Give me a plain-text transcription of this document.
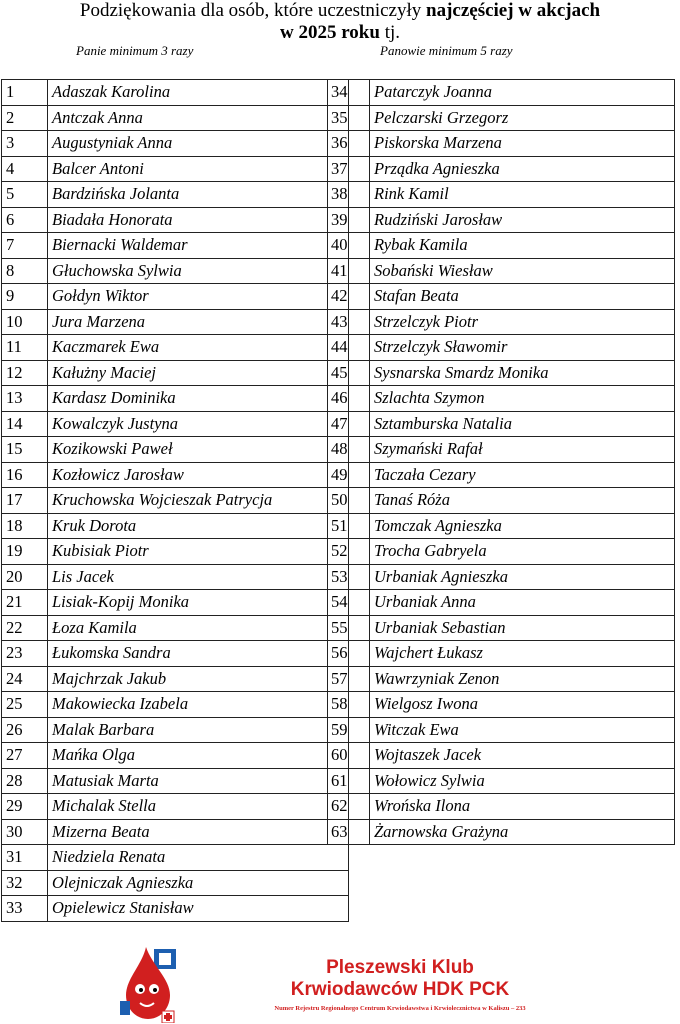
Podziękowania dla osób, które uczestniczyły najczęściej w akcjach
w 2025 roku tj.
Panie minimum 3 razy	Panowie minimum 5 razy
1	Adaszak Karolina
2	Antczak Anna
3	Augustyniak Anna
4	Balcer Antoni
5	Bardzińska Jolanta
6	Biadała Honorata
7	Biernacki Waldemar
8	Głuchowska Sylwia
9	Gołdyn Wiktor
10	Jura Marzena
11	Kaczmarek Ewa
12	Kałużny Maciej
13	Kardasz Dominika
14	Kowalczyk Justyna
15	Kozikowski Paweł
16	Kozłowicz Jarosław
17	Kruchowska Wojcieszak Patrycja
18	Kruk Dorota
19	Kubisiak Piotr
20	Lis Jacek
21	Lisiak-Kopij Monika
22	Łoza Kamila
23	Łukomska Sandra
24	Majchrzak Jakub
25	Makowiecka Izabela
26	Malak Barbara
27	Mańka Olga
28	Matusiak Marta
29	Michalak Stella
30	Mizerna Beata
31	Niedziela Renata
32	Olejniczak Agnieszka
33	Opielewicz Stanisław
34	Patarczyk Joanna
35	Pelczarski Grzegorz
36	Piskorska Marzena
37	Prządka Agnieszka
38	Rink Kamil
39	Rudziński Jarosław
40	Rybak Kamila
41	Sobański Wiesław
42	Stafan Beata
43	Strzelczyk Piotr
44	Strzelczyk Sławomir
45	Sysnarska Smardz Monika
46	Szlachta Szymon
47	Sztamburska Natalia
48	Szymański Rafał
49	Taczała Cezary
50	Tanaś Róża
51	Tomczak Agnieszka
52	Trocha Gabryela
53	Urbaniak Agnieszka
54	Urbaniak Anna
55	Urbaniak Sebastian
56	Wajchert Łukasz
57	Wawrzyniak Zenon
58	Wielgosz Iwona
59	Witczak Ewa
60	Wojtaszek Jacek
61	Wołowicz Sylwia
62	Wrońska Ilona
63	Żarnowska Grażyna
Pleszewski Klub
Krwiodawców HDK PCK
Numer Rejestru Regionalnego Centrum Krwiodawstwa i Krwiolecznictwa w Kaliszu – 233
